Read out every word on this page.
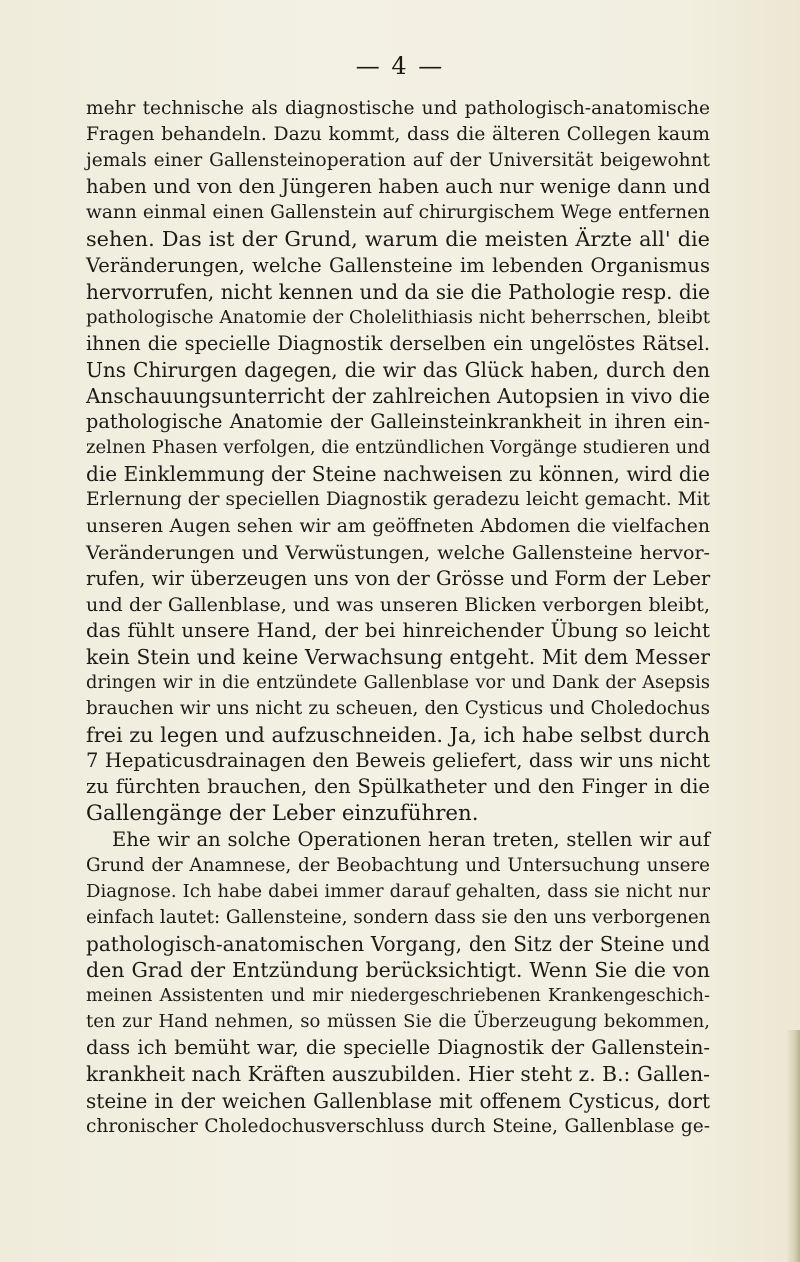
— 4 —
mehr technische als diagnostische und pathologisch-anatomische
Fragen behandeln. Dazu kommt, dass die älteren Collegen kaum
jemals einer Gallensteinoperation auf der Universität beigewohnt
haben und von den Jüngeren haben auch nur wenige dann und
wann einmal einen Gallenstein auf chirurgischem Wege entfernen
sehen. Das ist der Grund, warum die meisten Ärzte all' die
Veränderungen, welche Gallensteine im lebenden Organismus
hervorrufen, nicht kennen und da sie die Pathologie resp. die
pathologische Anatomie der Cholelithiasis nicht beherrschen, bleibt
ihnen die specielle Diagnostik derselben ein ungelöstes Rätsel.
Uns Chirurgen dagegen, die wir das Glück haben, durch den
Anschauungsunterricht der zahlreichen Autopsien in vivo die
pathologische Anatomie der Galleinsteinkrankheit in ihren ein-
zelnen Phasen verfolgen, die entzündlichen Vorgänge studieren und
die Einklemmung der Steine nachweisen zu können, wird die
Erlernung der speciellen Diagnostik geradezu leicht gemacht. Mit
unseren Augen sehen wir am geöffneten Abdomen die vielfachen
Veränderungen und Verwüstungen, welche Gallensteine hervor-
rufen, wir überzeugen uns von der Grösse und Form der Leber
und der Gallenblase, und was unseren Blicken verborgen bleibt,
das fühlt unsere Hand, der bei hinreichender Übung so leicht
kein Stein und keine Verwachsung entgeht. Mit dem Messer
dringen wir in die entzündete Gallenblase vor und Dank der Asepsis
brauchen wir uns nicht zu scheuen, den Cysticus und Choledochus
frei zu legen und aufzuschneiden. Ja, ich habe selbst durch
7 Hepaticusdrainagen den Beweis geliefert, dass wir uns nicht
zu fürchten brauchen, den Spülkatheter und den Finger in die
Gallengänge der Leber einzuführen.
Ehe wir an solche Operationen heran treten, stellen wir auf
Grund der Anamnese, der Beobachtung und Untersuchung unsere
Diagnose. Ich habe dabei immer darauf gehalten, dass sie nicht nur
einfach lautet: Gallensteine, sondern dass sie den uns verborgenen
pathologisch-anatomischen Vorgang, den Sitz der Steine und
den Grad der Entzündung berücksichtigt. Wenn Sie die von
meinen Assistenten und mir niedergeschriebenen Krankengeschich-
ten zur Hand nehmen, so müssen Sie die Überzeugung bekommen,
dass ich bemüht war, die specielle Diagnostik der Gallenstein-
krankheit nach Kräften auszubilden. Hier steht z. B.: Gallen-
steine in der weichen Gallenblase mit offenem Cysticus, dort
chronischer Choledochusverschluss durch Steine, Gallenblase ge-
